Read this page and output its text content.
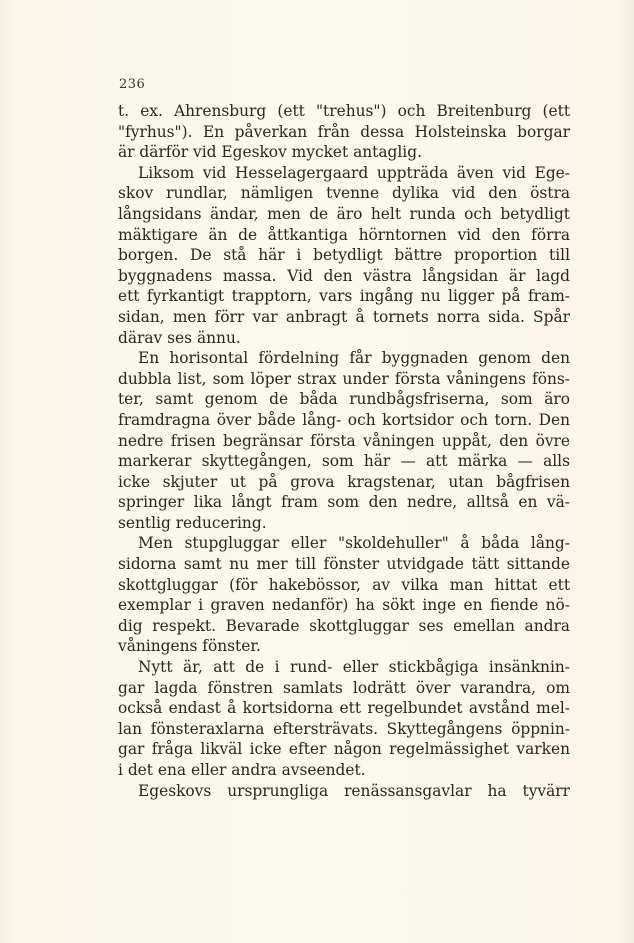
236
t. ex. Ahrensburg (ett "trehus") och Breitenburg (ett
"fyrhus"). En påverkan från dessa Holsteinska borgar
är därför vid Egeskov mycket antaglig.
Liksom vid Hesselagergaard uppträda även vid Ege-
skov rundlar, nämligen tvenne dylika vid den östra
långsidans ändar, men de äro helt runda och betydligt
mäktigare än de åttkantiga hörntornen vid den förra
borgen. De stå här i betydligt bättre proportion till
byggnadens massa. Vid den västra långsidan är lagd
ett fyrkantigt trapptorn, vars ingång nu ligger på fram-
sidan, men förr var anbragt å tornets norra sida. Spår
därav ses ännu.
En horisontal fördelning får byggnaden genom den
dubbla list, som löper strax under första våningens föns-
ter, samt genom de båda rundbågsfriserna, som äro
framdragna över både lång- och kortsidor och torn. Den
nedre frisen begränsar första våningen uppåt, den övre
markerar skyttegången, som här — att märka — alls
icke skjuter ut på grova kragstenar, utan bågfrisen
springer lika långt fram som den nedre, alltså en vä-
sentlig reducering.
Men stupgluggar eller "skoldehuller" å båda lång-
sidorna samt nu mer till fönster utvidgade tätt sittande
skottgluggar (för hakebössor, av vilka man hittat ett
exemplar i graven nedanför) ha sökt inge en fiende nö-
dig respekt. Bevarade skottgluggar ses emellan andra
våningens fönster.
Nytt är, att de i rund- eller stickbågiga insänknin-
gar lagda fönstren samlats lodrätt över varandra, om
också endast å kortsidorna ett regelbundet avstånd mel-
lan fönsteraxlarna eftersträvats. Skyttegångens öppnin-
gar fråga likväl icke efter någon regelmässighet varken
i det ena eller andra avseendet.
Egeskovs ursprungliga renässansgavlar ha tyvärr
